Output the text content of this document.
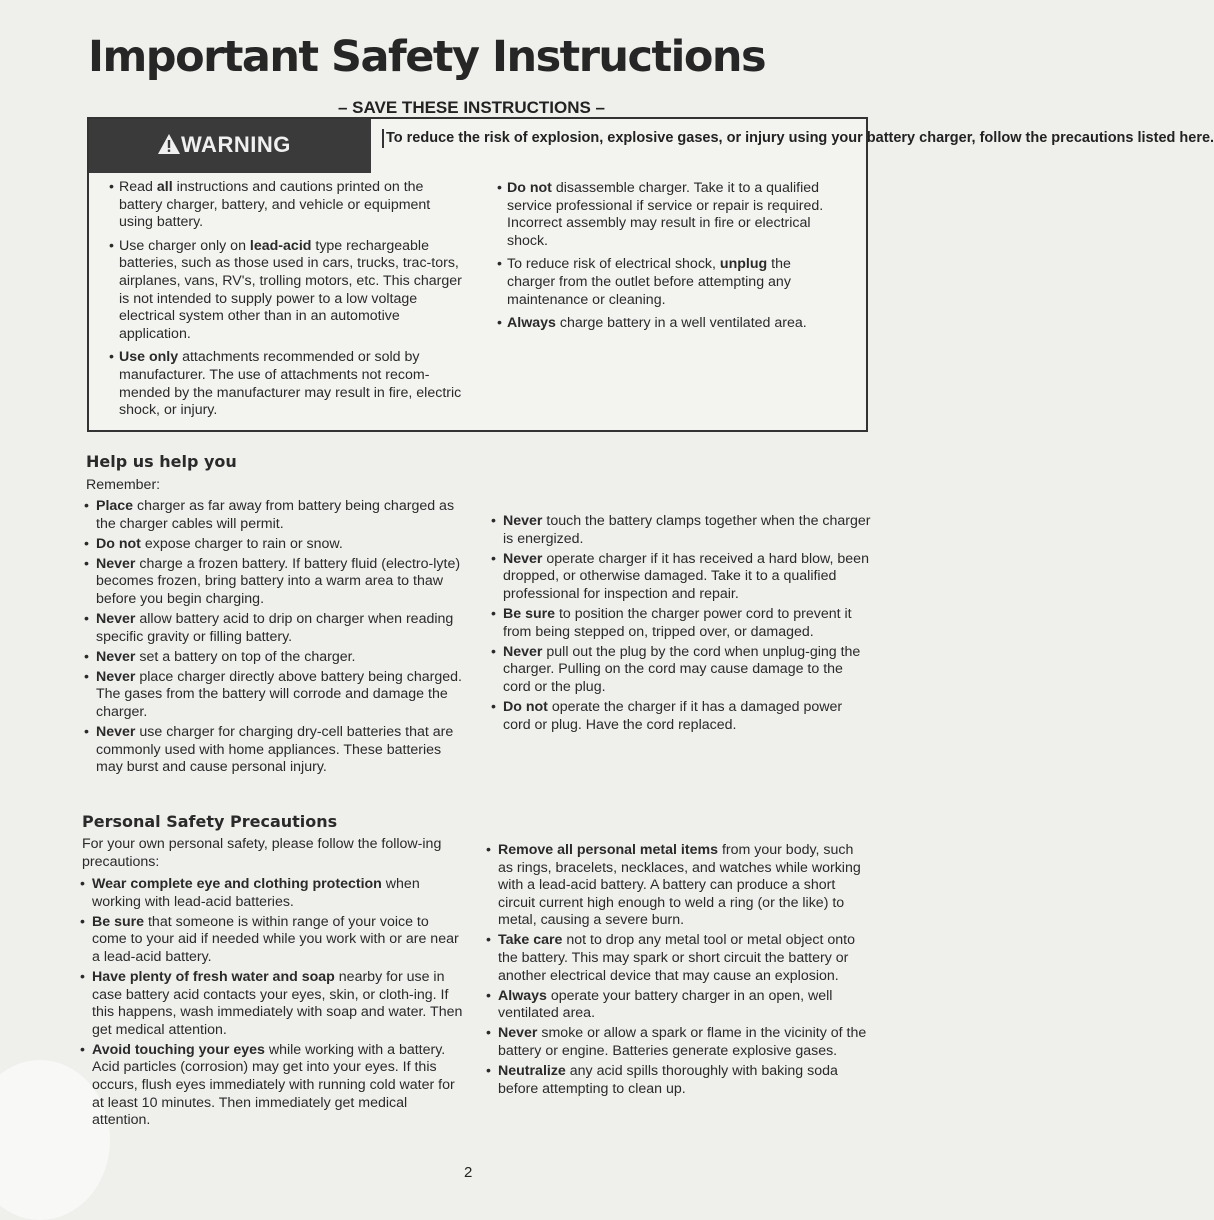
Important Safety Instructions

– SAVE THESE INSTRUCTIONS –

WARNING	To reduce the risk of explosion, explosive gases, or injury using your battery charger, follow the precautions listed here.

• Read all instructions and cautions printed on the battery charger, battery, and vehicle or equipment using battery.
• Use charger only on lead-acid type rechargeable batteries, such as those used in cars, trucks, trac-tors, airplanes, vans, RV's, trolling motors, etc. This charger is not intended to supply power to a low voltage electrical system other than in an automotive application.
• Use only attachments recommended or sold by manufacturer. The use of attachments not recom-mended by the manufacturer may result in fire, electric shock, or injury.
• Do not disassemble charger. Take it to a qualified service professional if service or repair is required. Incorrect assembly may result in fire or electrical shock.
• To reduce risk of electrical shock, unplug the charger from the outlet before attempting any maintenance or cleaning.
• Always charge battery in a well ventilated area.
Help us help you

Remember:

• Place charger as far away from battery being charged as the charger cables will permit.
• Do not expose charger to rain or snow.
• Never charge a frozen battery. If battery fluid (electro-lyte) becomes frozen, bring battery into a warm area to thaw before you begin charging.
• Never allow battery acid to drip on charger when reading specific gravity or filling battery.
• Never set a battery on top of the charger.
• Never place charger directly above battery being charged. The gases from the battery will corrode and damage the charger.
• Never use charger for charging dry-cell batteries that are commonly used with home appliances. These batteries may burst and cause personal injury.
• Never touch the battery clamps together when the charger is energized.
• Never operate charger if it has received a hard blow, been dropped, or otherwise damaged. Take it to a qualified professional for inspection and repair.
• Be sure to position the charger power cord to prevent it from being stepped on, tripped over, or damaged.
• Never pull out the plug by the cord when unplug-ging the charger. Pulling on the cord may cause damage to the cord or the plug.
• Do not operate the charger if it has a damaged power cord or plug. Have the cord replaced.
Personal Safety Precautions

For your own personal safety, please follow the follow-ing precautions:

• Wear complete eye and clothing protection when working with lead-acid batteries.
• Be sure that someone is within range of your voice to come to your aid if needed while you work with or are near a lead-acid battery.
• Have plenty of fresh water and soap nearby for use in case battery acid contacts your eyes, skin, or cloth-ing. If this happens, wash immediately with soap and water. Then get medical attention.
• Avoid touching your eyes while working with a battery. Acid particles (corrosion) may get into your eyes. If this occurs, flush eyes immediately with running cold water for at least 10 minutes. Then immediately get medical attention.
• Remove all personal metal items from your body, such as rings, bracelets, necklaces, and watches while working with a lead-acid battery. A battery can produce a short circuit current high enough to weld a ring (or the like) to metal, causing a severe burn.
• Take care not to drop any metal tool or metal object onto the battery. This may spark or short circuit the battery or another electrical device that may cause an explosion.
• Always operate your battery charger in an open, well ventilated area.
• Never smoke or allow a spark or flame in the vicinity of the battery or engine. Batteries generate explosive gases.
• Neutralize any acid spills thoroughly with baking soda before attempting to clean up.

2
